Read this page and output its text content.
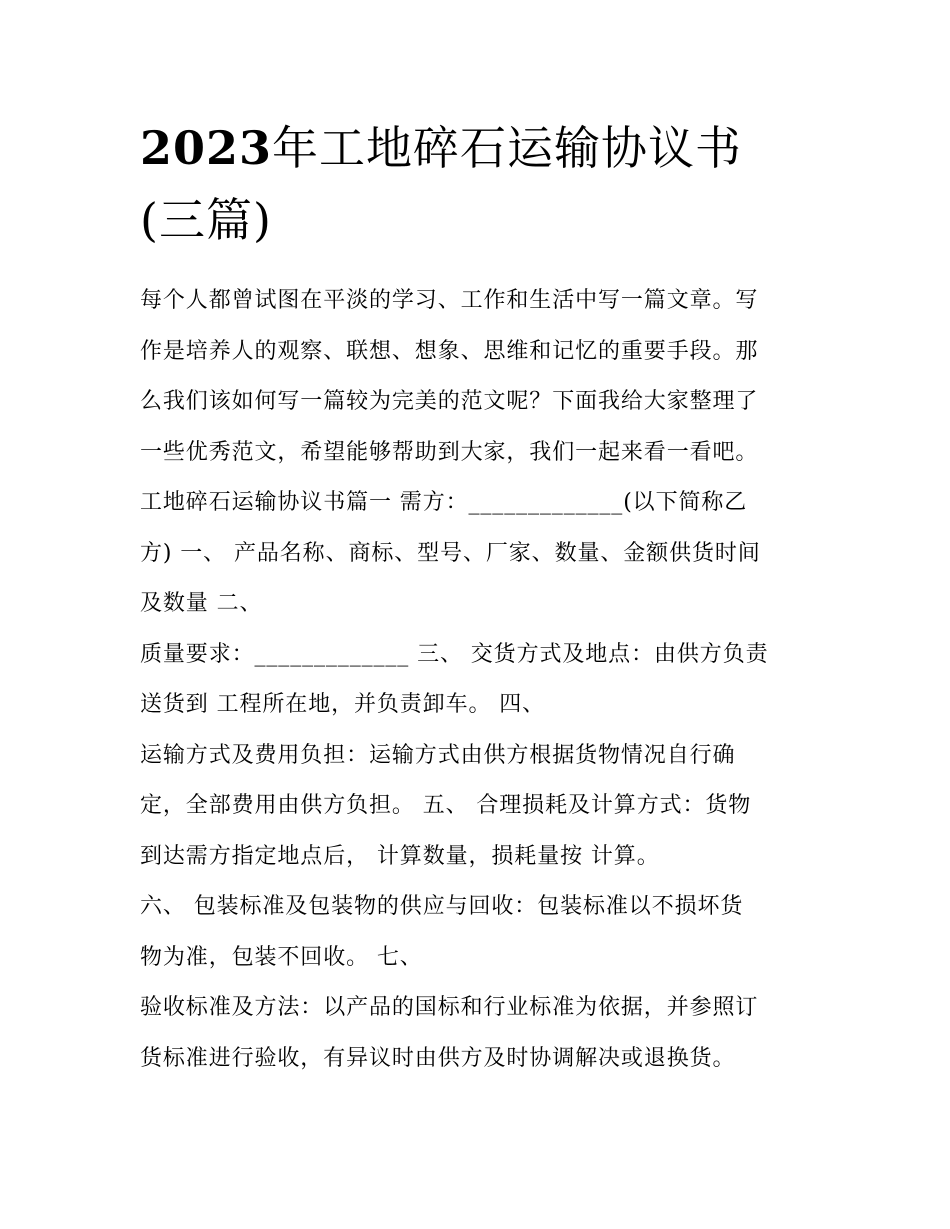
2023年工地碎石运输协议书
(三篇)
每个人都曾试图在平淡的学习、工作和生活中写一篇文章。写
作是培养人的观察、联想、想象、思维和记忆的重要手段。那
么我们该如何写一篇较为完美的范文呢？下面我给大家整理了
一些优秀范文，希望能够帮助到大家，我们一起来看一看吧。
工地碎石运输协议书篇一 需方：_____________(以下简称乙
方) 一、 产品名称、商标、型号、厂家、数量、金额供货时间
及数量 二、
质量要求：_____________ 三、 交货方式及地点：由供方负责
送货到 工程所在地，并负责卸车。 四、
运输方式及费用负担：运输方式由供方根据货物情况自行确
定，全部费用由供方负担。 五、 合理损耗及计算方式：货物
到达需方指定地点后， 计算数量，损耗量按 计算。
六、 包装标准及包装物的供应与回收：包装标准以不损坏货
物为准，包装不回收。 七、
验收标准及方法：以产品的国标和行业标准为依据，并参照订
货标准进行验收，有异议时由供方及时协调解决或退换货。
